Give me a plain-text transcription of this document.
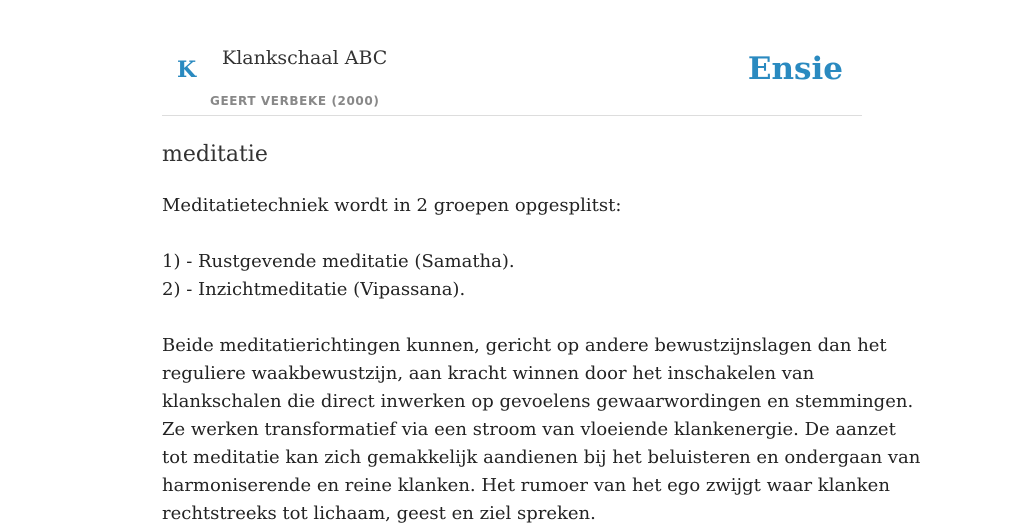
K Klankschaal ABC
GEERT VERBEKE (2000)
Ensie
meditatie

Meditatietechniek wordt in 2 groepen opgesplitst:

1) - Rustgevende meditatie (Samatha).

2) - Inzichtmeditatie (Vipassana).

Beide meditatierichtingen kunnen, gericht op andere bewustzijnslagen dan het

reguliere waakbewustzijn, aan kracht winnen door het inschakelen van

klankschalen die direct inwerken op gevoelens gewaarwordingen en stemmingen.

Ze werken transformatief via een stroom van vloeiende klankenergie. De aanzet

tot meditatie kan zich gemakkelijk aandienen bij het beluisteren en ondergaan van

harmoniserende en reine klanken. Het rumoer van het ego zwijgt waar klanken

rechtstreeks tot lichaam, geest en ziel spreken.
